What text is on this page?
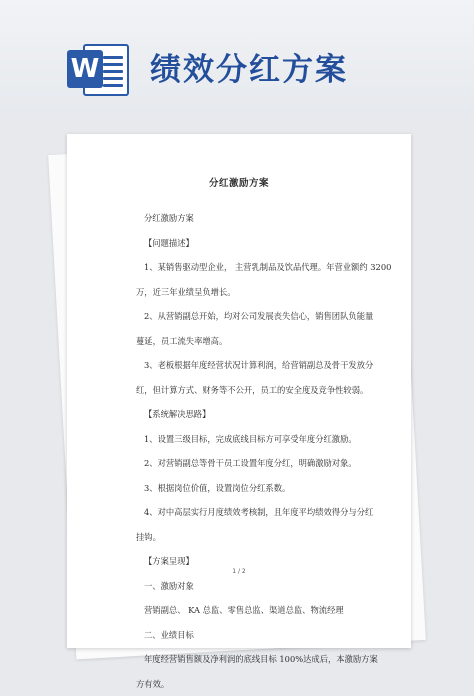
W 绩效分红方案
分红激励方案
分红激励方案
【问题描述】
1、某销售驱动型企业， 主营乳制品及饮品代理。年营业额约 3200
万，近三年业绩呈负增长。
2、从营销副总开始，均对公司发展丧失信心，销售团队负能量
蔓延，员工流失率增高。
3、老板根据年度经营状况计算利润，给营销副总及骨干发放分
红，但计算方式、财务等不公开，员工的安全度及竞争性较弱。
【系统解决思路】
1、设置三级目标，完成底线目标方可享受年度分红激励。
2、对营销副总等骨干员工设置年度分红，明确激励对象。
3、根据岗位价值，设置岗位分红系数。
4、对中高层实行月度绩效考核制，且年度平均绩效得分与分红
挂钩。
【方案呈现】
一、激励对象
营销副总、 KA 总监、零售总监、渠道总监、物流经理
二、业绩目标
年度经营销售额及净利润的底线目标 100%达成后，本激励方案
方有效。
1 / 2
